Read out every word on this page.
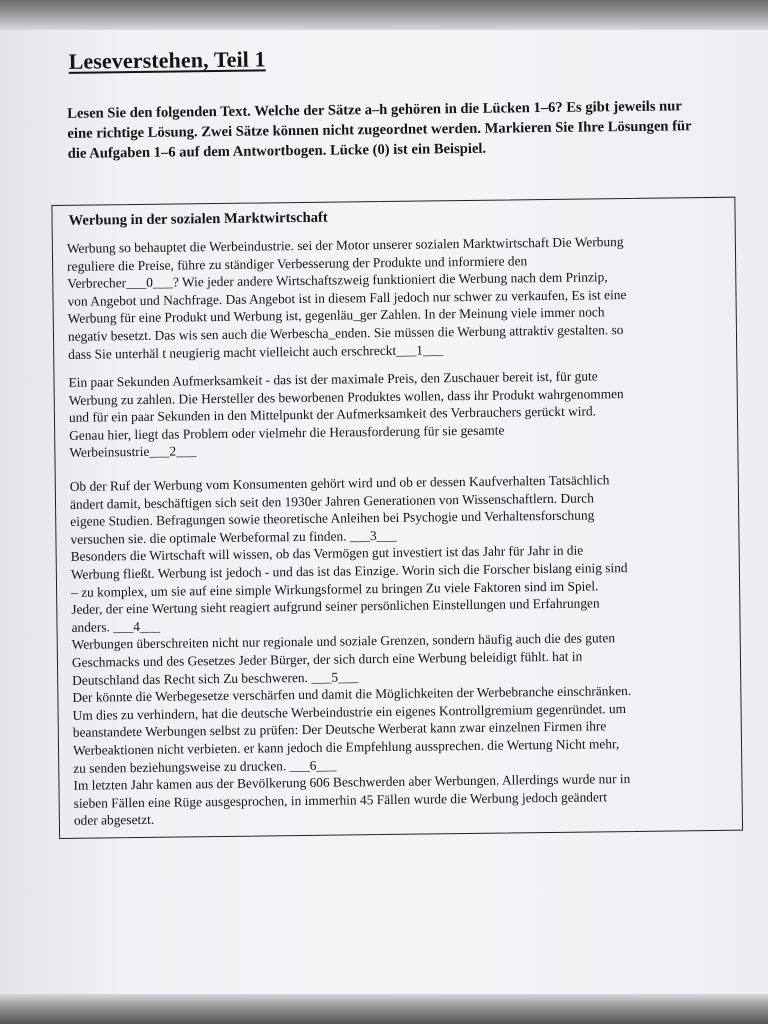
Leseverstehen, Teil 1

Lesen Sie den folgenden Text. Welche der Sätze a–h gehören in die Lücken 1–6? Es gibt jeweils nur eine richtige Lösung. Zwei Sätze können nicht zugeordnet werden. Markieren Sie Ihre Lösungen für die Aufgaben 1–6 auf dem Antwortbogen. Lücke (0) ist ein Beispiel.

Werbung in der sozialen Marktwirtschaft
Werbung so behauptet die Werbeindustrie. sei der Motor unserer sozialen Marktwirtschaft Die Werbung
reguliere die Preise, führe zu ständiger Verbesserung der Produkte und informiere den
Verbrecher___0___? Wie jeder andere Wirtschaftszweig funktioniert die Werbung nach dem Prinzip,
von Angebot und Nachfrage. Das Angebot ist in diesem Fall jedoch nur schwer zu verkaufen, Es ist eine
Werbung für eine Produkt und Werbung ist, gegenläu_ger Zahlen. In der Meinung viele immer noch
negativ besetzt. Das wis sen auch die Werbescha_enden. Sie müssen die Werbung attraktiv gestalten. so
dass Sie unterhäl t neugierig macht vielleicht auch erschreckt___1___
Ein paar Sekunden Aufmerksamkeit - das ist der maximale Preis, den Zuschauer bereit ist, für gute
Werbung zu zahlen. Die Hersteller des beworbenen Produktes wollen, dass ihr Produkt wahrgenommen
und für ein paar Sekunden in den Mittelpunkt der Aufmerksamkeit des Verbrauchers gerückt wird.
Genau hier, liegt das Problem oder vielmehr die Herausforderung für sie gesamte
Werbeinsustrie___2___
Ob der Ruf der Werbung vom Konsumenten gehört wird und ob er dessen Kaufverhalten Tatsächlich
ändert damit, beschäftigen sich seit den 1930er Jahren Generationen von Wissenschaftlern. Durch
eigene Studien. Befragungen sowie theoretische Anleihen bei Psychogie und Verhaltensforschung
versuchen sie. die optimale Werbeformal zu finden. ___3___
Besonders die Wirtschaft will wissen, ob das Vermögen gut investiert ist das Jahr für Jahr in die
Werbung fließt. Werbung ist jedoch - und das ist das Einzige. Worin sich die Forscher bislang einig sind
– zu komplex, um sie auf eine simple Wirkungsformel zu bringen Zu viele Faktoren sind im Spiel.
Jeder, der eine Wertung sieht reagiert aufgrund seiner persönlichen Einstellungen und Erfahrungen
anders. ___4___
Werbungen überschreiten nicht nur regionale und soziale Grenzen, sondern häufig auch die des guten
Geschmacks und des Gesetzes Jeder Bürger, der sich durch eine Werbung beleidigt fühlt. hat in
Deutschland das Recht sich Zu beschweren. ___5___
Der könnte die Werbegesetze verschärfen und damit die Möglichkeiten der Werbebranche einschränken.
Um dies zu verhindern, hat die deutsche Werbeindustrie ein eigenes Kontrollgremium gegenründet. um
beanstandete Werbungen selbst zu prüfen: Der Deutsche Werberat kann zwar einzelnen Firmen ihre
Werbeaktionen nicht verbieten. er kann jedoch die Empfehlung aussprechen. die Wertung Nicht mehr,
zu senden beziehungsweise zu drucken. ___6___
Im letzten Jahr kamen aus der Bevölkerung 606 Beschwerden aber Werbungen. Allerdings wurde nur in
sieben Fällen eine Rüge ausgesprochen, in immerhin 45 Fällen wurde die Werbung jedoch geändert
oder abgesetzt.
